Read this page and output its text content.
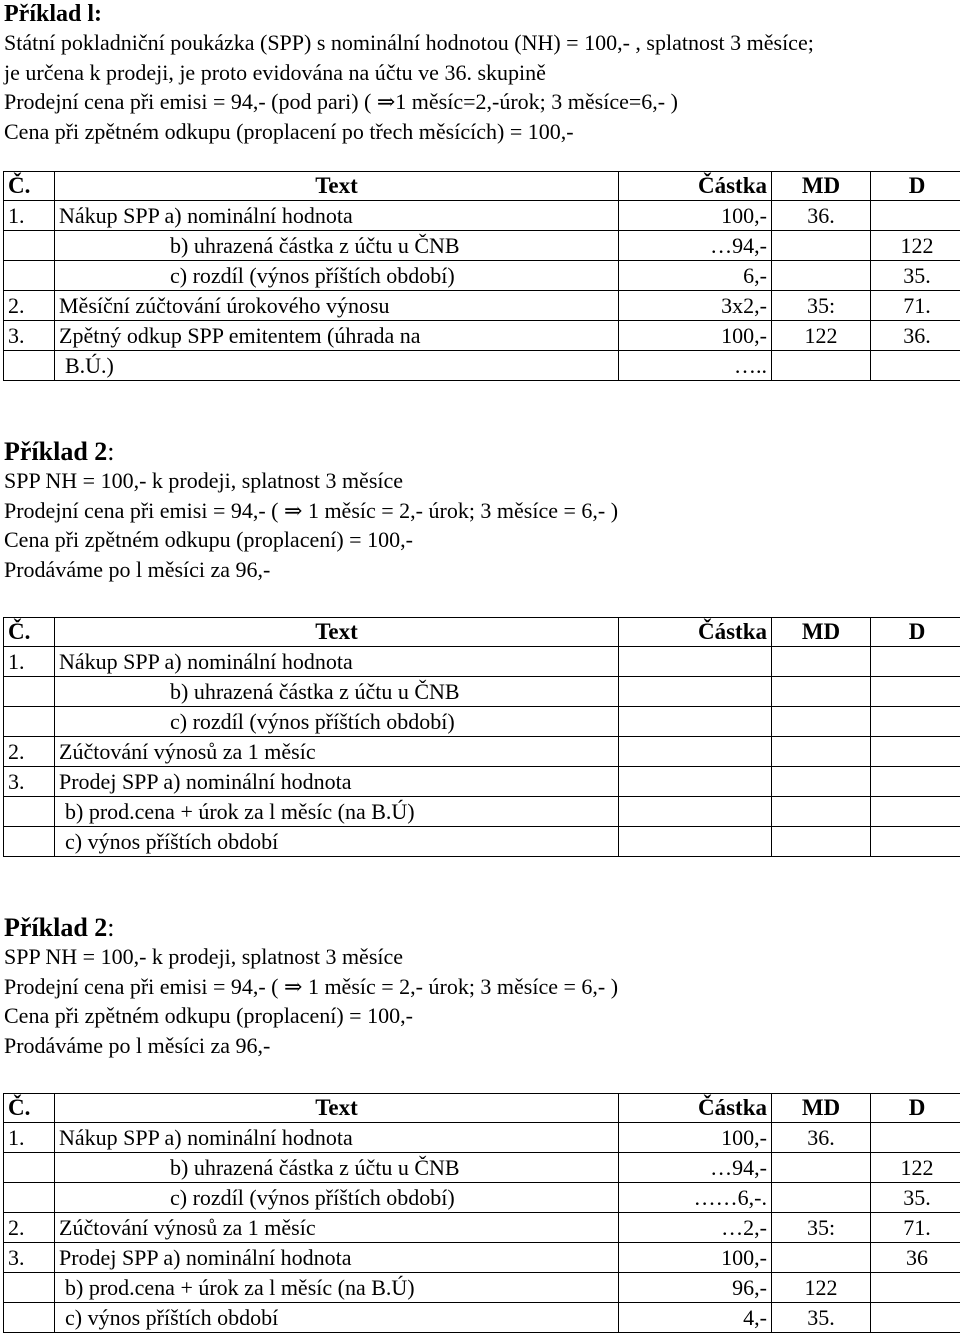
Příklad l:
Státní pokladniční poukázka (SPP) s nominální hodnotou (NH) = 100,- , splatnost 3 měsíce;
je určena k prodeji, je proto evidována na účtu ve 36. skupině
Prodejní cena při emisi = 94,- (pod pari) ( ⇒1 měsíc=2,-úrok; 3 měsíce=6,- )
Cena při zpětném odkupu (proplacení po třech měsících) = 100,-
Č.	Text	Částka	MD	D
1.	Nákup SPP a) nominální hodnota	100,-	36.	
	b) uhrazená částka z účtu u ČNB	…94,-		122
	c) rozdíl (výnos příštích období)	6,-		35.
2.	Měsíční zúčtování úrokového výnosu	3x2,-	35:	71.
3.	Zpětný odkup SPP emitentem (úhrada na	100,-	122	36.
	B.Ú.)	…..		
Příklad 2:
SPP NH = 100,- k prodeji, splatnost 3 měsíce
Prodejní cena při emisi = 94,- ( ⇒ 1 měsíc = 2,- úrok; 3 měsíce = 6,- )
Cena při zpětném odkupu (proplacení) = 100,-
Prodáváme po l měsíci za 96,-
Č.	Text	Částka	MD	D
1.	Nákup SPP a) nominální hodnota			
	b) uhrazená částka z účtu u ČNB			
	c) rozdíl (výnos příštích období)			
2.	Zúčtování výnosů za 1 měsíc			
3.	Prodej SPP a) nominální hodnota			
	b) prod.cena + úrok za l měsíc (na B.Ú)			
	c) výnos příštích období			
Příklad 2:
SPP NH = 100,- k prodeji, splatnost 3 měsíce
Prodejní cena při emisi = 94,- ( ⇒ 1 měsíc = 2,- úrok; 3 měsíce = 6,- )
Cena při zpětném odkupu (proplacení) = 100,-
Prodáváme po l měsíci za 96,-
Č.	Text	Částka	MD	D
1.	Nákup SPP a) nominální hodnota	100,-	36.	
	b) uhrazená částka z účtu u ČNB	…94,-		122
	c) rozdíl (výnos příštích období)	……6,-.		35.
2.	Zúčtování výnosů za 1 měsíc	…2,-	35:	71.
3.	Prodej SPP a) nominální hodnota	100,-		36
	b) prod.cena + úrok za l měsíc (na B.Ú)	96,-	122	
	c) výnos příštích období	4,-	35.	
